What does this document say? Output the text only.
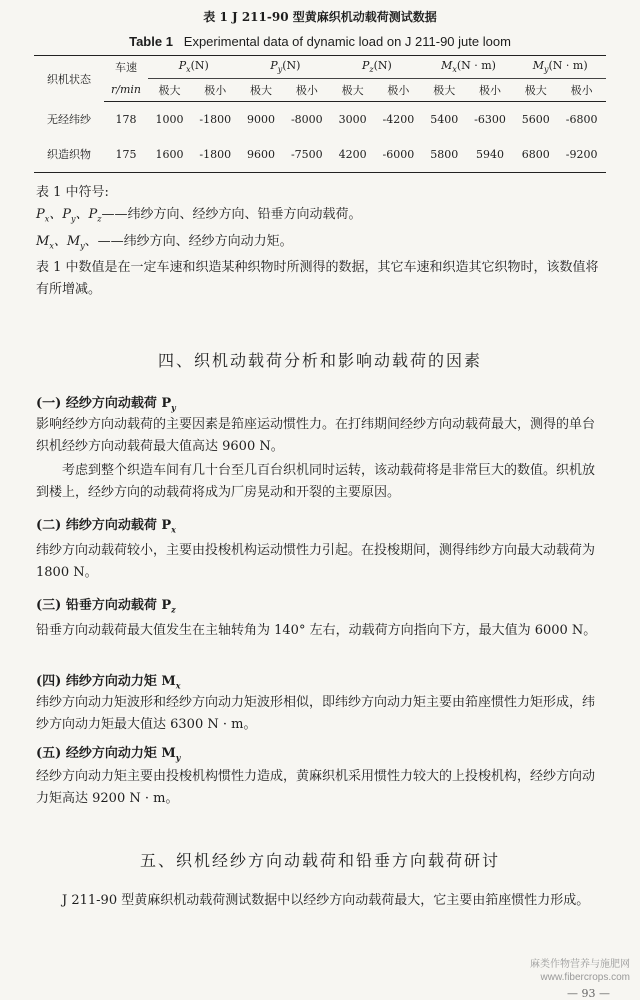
表 1 J 211-90 型黄麻织机动载荷测试数据
Table 1 Experimental data of dynamic load on J 211-90 jute loom
织机状态	车速	$P_x(N)$		$P_y(N)$		$P_z(N)$		$M_x(N \cdot m)$		$M_y(N \cdot m)$	
	r/min	极大	极小	极大	极小	极大	极小	极大	极小	极大	极小
无经纬纱	178	1000	-1800	9000	-8000	3000	-4200	5400	-6300	5600	-6800
织造织物	175	1600	-1800	9600	-7500	4200	-6000	5800	5940	6800	-9200
表 1 中符号:
$P_x$、$P_y$、$P_z——$纬纱方向、经纱方向、铅垂方向动载荷。
$M_x$、$M_y$、——纬纱方向、经纱方向动力矩。
表 1 中数值是在一定车速和织造某种织物时所测得的数据，其它车速和织造其它织物时，该数值将有所增减。
四、织机动载荷分析和影响动载荷的因素
(一) 经纱方向动载荷 $P_y$
影响经纱方向动载荷的主要因素是筘座运动惯性力。在打纬期间经纱方向动载荷最大，测得的单台织机经纱方向动载荷最大值高达 9600 N。
考虑到整个织造车间有几十台至几百台织机同时运转，该动载荷将是非常巨大的数值。织机放到楼上，经纱方向的动载荷将成为厂房晃动和开裂的主要原因。
(二) 纬纱方向动载荷 $P_x$
纬纱方向动载荷较小，主要由投梭机构运动惯性力引起。在投梭期间，测得纬纱方向最大动载荷为 1800 N。
(三) 铅垂方向动载荷 $P_z$
铅垂方向动载荷最大值发生在主轴转角为 140° 左右，动载荷方向指向下方，最大值为 6000 N。
(四) 纬纱方向动力矩 $M_x$
纬纱方向动力矩波形和经纱方向动力矩波形相似，即纬纱方向动力矩主要由筘座惯性力矩形成，纬纱方向动力矩最大值达 6300 N · m。
(五) 经纱方向动力矩 $M_y$
经纱方向动力矩主要由投梭机构惯性力造成，黄麻织机采用惯性力较大的上投梭机构，经纱方向动力矩高达 9200 N · m。
五、织机经纱方向动载荷和铅垂方向载荷研讨
J 211-90 型黄麻织机动载荷测试数据中以经纱方向动载荷最大，它主要由筘座惯性力形成。
麻类作物营养与施肥网
www.fibercrops.com
— 93 —
